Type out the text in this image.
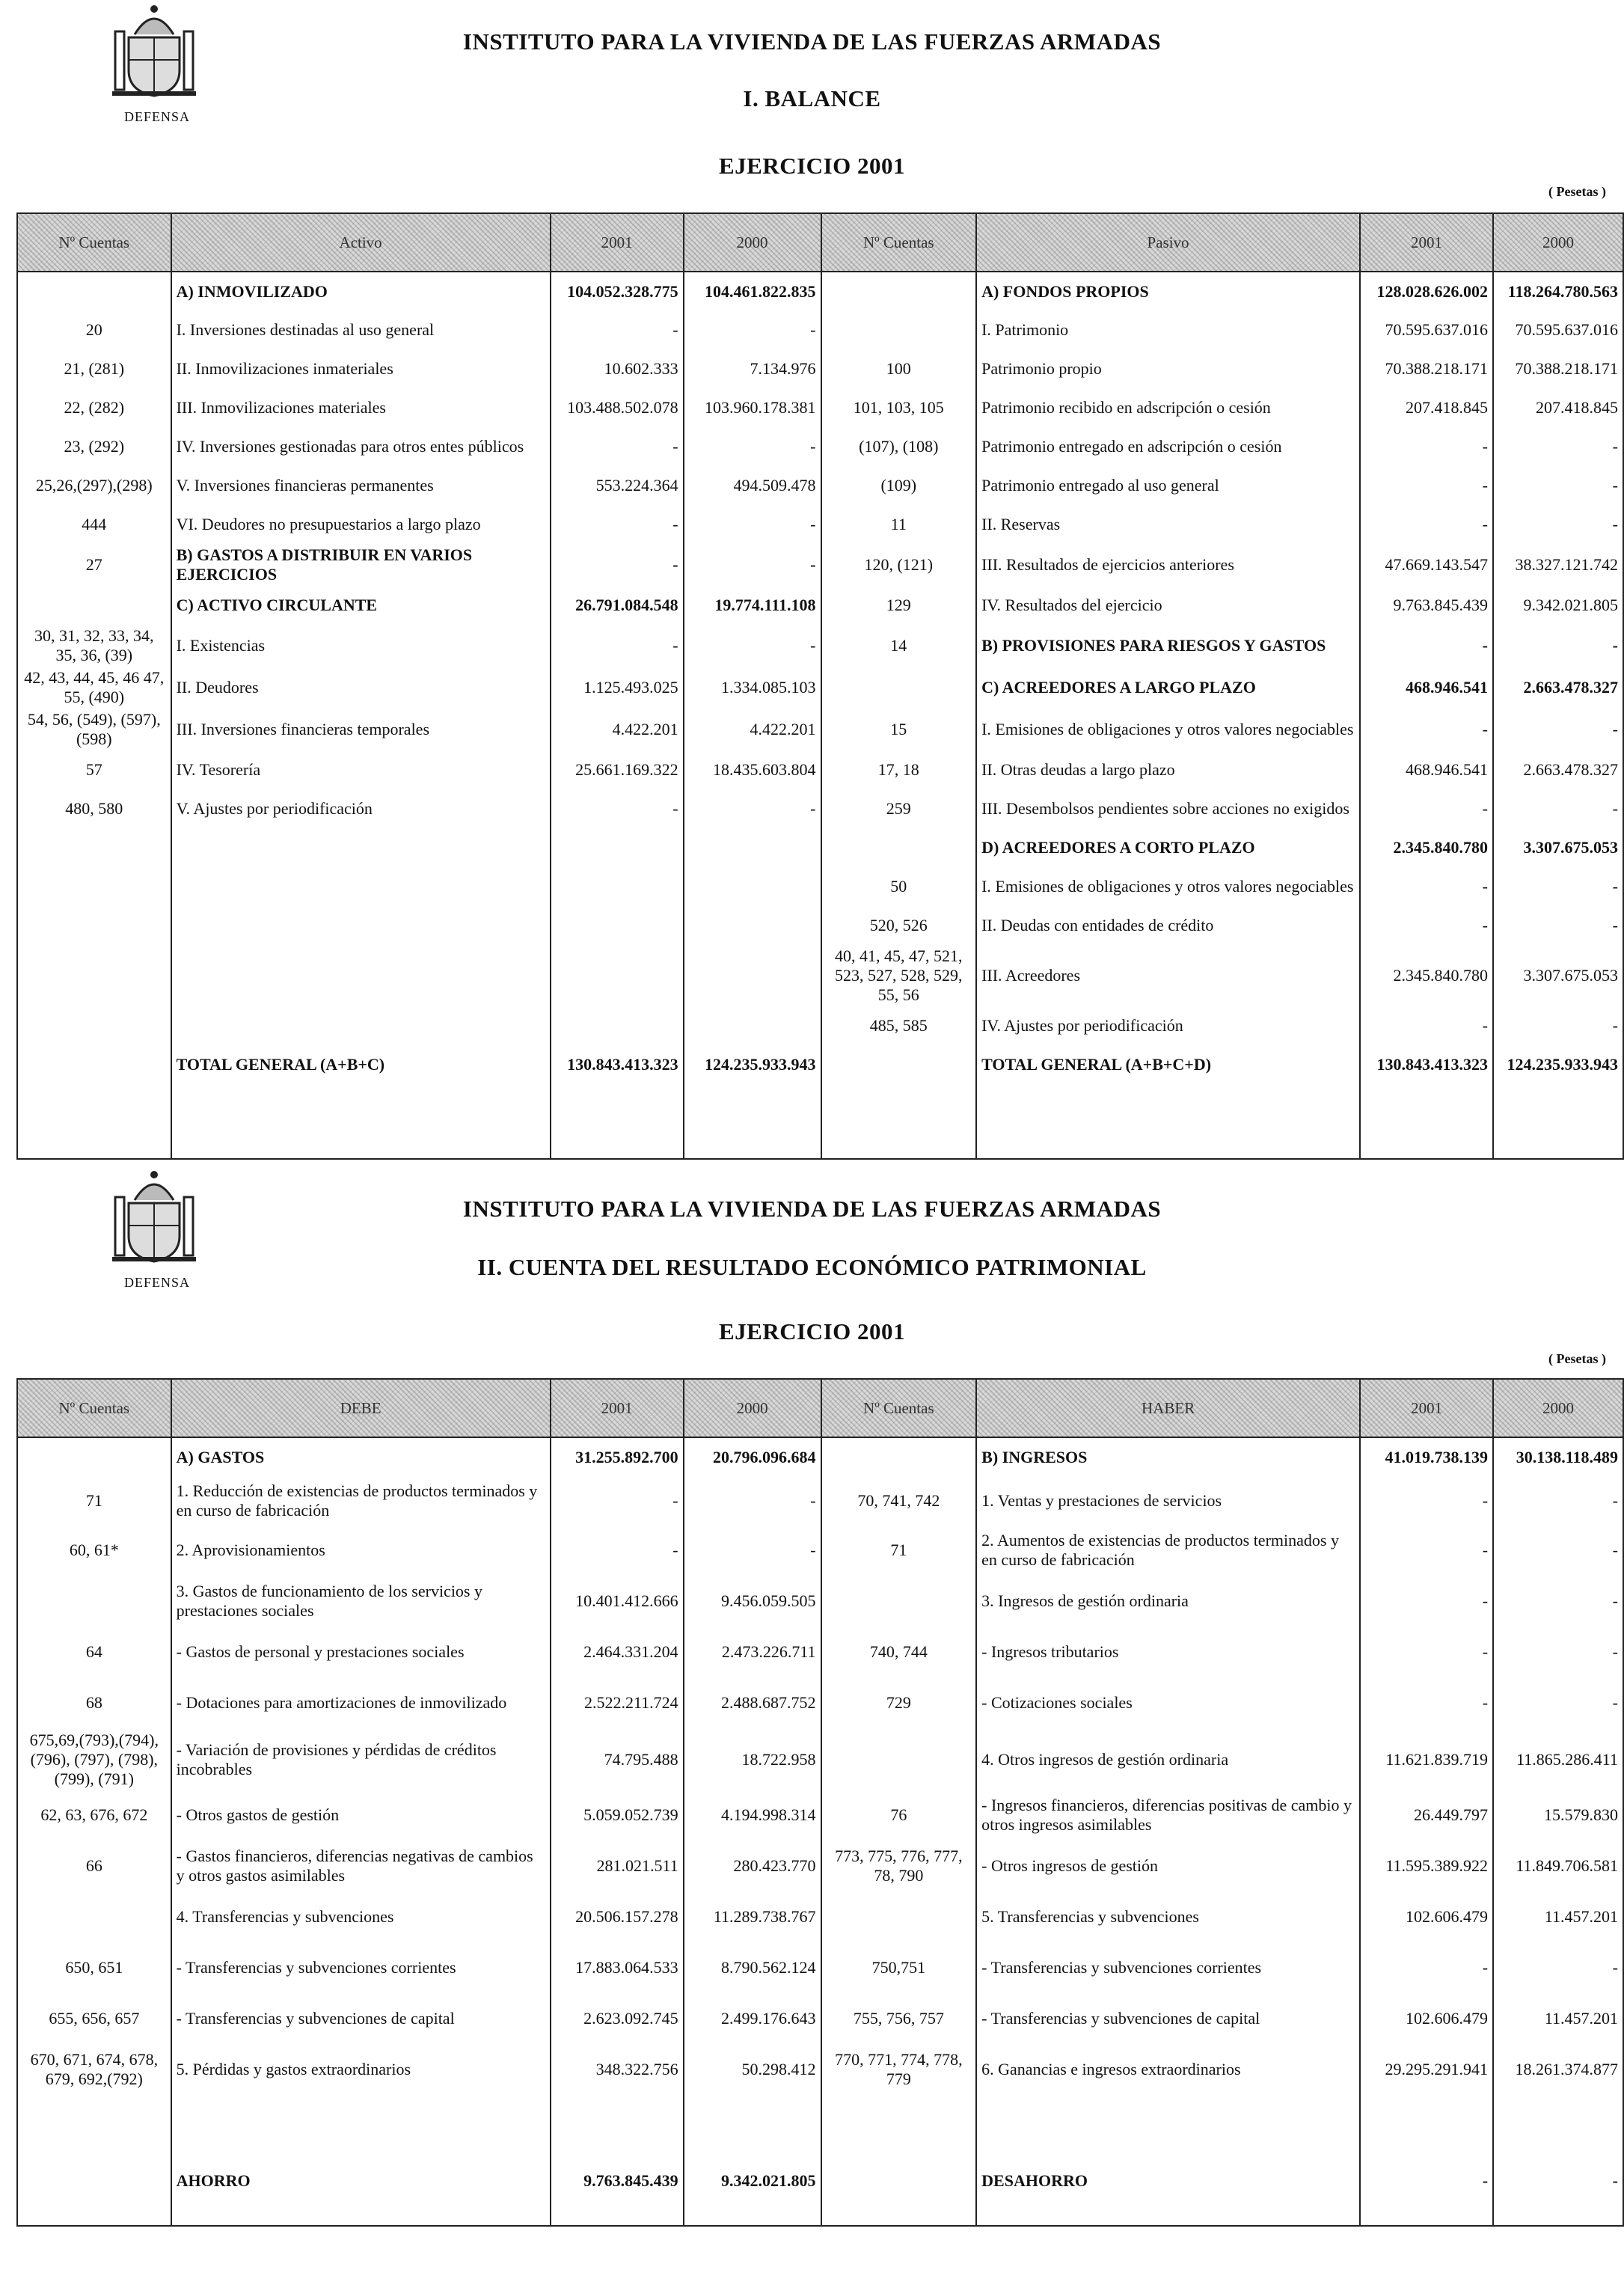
DEFENSA
INSTITUTO PARA LA VIVIENDA DE LAS FUERZAS ARMADAS
I. BALANCE
EJERCICIO 2001
( Pesetas )
Nº Cuentas	Activo	2001	2000	Nº Cuentas	Pasivo	2001	2000
	A) INMOVILIZADO	104.052.328.775	104.461.822.835		A) FONDOS PROPIOS	128.028.626.002	118.264.780.563
20	I. Inversiones destinadas al uso general	-	-		I. Patrimonio	70.595.637.016	70.595.637.016
21, (281)	II. Inmovilizaciones inmateriales	10.602.333	7.134.976	100	Patrimonio propio	70.388.218.171	70.388.218.171
22, (282)	III. Inmovilizaciones materiales	103.488.502.078	103.960.178.381	101, 103, 105	Patrimonio recibido en adscripción o cesión	207.418.845	207.418.845
23, (292)	IV. Inversiones gestionadas para otros entes públicos	-	-	(107), (108)	Patrimonio entregado en adscripción o cesión	-	-
25,26,(297),(298)	V. Inversiones financieras permanentes	553.224.364	494.509.478	(109)	Patrimonio entregado al uso general	-	-
444	VI. Deudores no presupuestarios a largo plazo	-	-	11	II. Reservas	-	-
27	B) GASTOS A DISTRIBUIR EN VARIOS EJERCICIOS	-	-	120, (121)	III. Resultados de ejercicios anteriores	47.669.143.547	38.327.121.742
	C) ACTIVO CIRCULANTE	26.791.084.548	19.774.111.108	129	IV. Resultados del ejercicio	9.763.845.439	9.342.021.805
30, 31, 32, 33, 34, 35, 36, (39)	I. Existencias	-	-	14	B) PROVISIONES PARA RIESGOS Y GASTOS	-	-
42, 43, 44, 45, 46 47, 55, (490)	II. Deudores	1.125.493.025	1.334.085.103		C) ACREEDORES A LARGO PLAZO	468.946.541	2.663.478.327
54, 56, (549), (597), (598)	III. Inversiones financieras temporales	4.422.201	4.422.201	15	I. Emisiones de obligaciones y otros valores negociables	-	-
57	IV. Tesorería	25.661.169.322	18.435.603.804	17, 18	II. Otras deudas a largo plazo	468.946.541	2.663.478.327
480, 580	V. Ajustes por periodificación	-	-	259	III. Desembolsos pendientes sobre acciones no exigidos	-	-
					D) ACREEDORES A CORTO PLAZO	2.345.840.780	3.307.675.053
				50	I. Emisiones de obligaciones y otros valores negociables	-	-
				520, 526	II. Deudas con entidades de crédito	-	-
				40, 41, 45, 47, 521, 523, 527, 528, 529, 55, 56	III. Acreedores	2.345.840.780	3.307.675.053
				485, 585	IV. Ajustes por periodificación	-	-
	TOTAL GENERAL (A+B+C)	130.843.413.323	124.235.933.943		TOTAL GENERAL (A+B+C+D)	130.843.413.323	124.235.933.943

DEFENSA
INSTITUTO PARA LA VIVIENDA DE LAS FUERZAS ARMADAS
II. CUENTA DEL RESULTADO ECONÓMICO PATRIMONIAL
EJERCICIO 2001
( Pesetas )
Nº Cuentas	DEBE	2001	2000	Nº Cuentas	HABER	2001	2000
	A) GASTOS	31.255.892.700	20.796.096.684		B) INGRESOS	41.019.738.139	30.138.118.489
71	1. Reducción de existencias de productos terminados y en curso de fabricación	-	-	70, 741, 742	1. Ventas y prestaciones de servicios	-	-
60, 61*	2. Aprovisionamientos	-	-	71	2. Aumentos de existencias de productos terminados y en curso de fabricación	-	-
	3. Gastos de funcionamiento de los servicios y prestaciones sociales	10.401.412.666	9.456.059.505		3. Ingresos de gestión ordinaria	-	-
64	- Gastos de personal y prestaciones sociales	2.464.331.204	2.473.226.711	740, 744	- Ingresos tributarios	-	-
68	- Dotaciones para amortizaciones de inmovilizado	2.522.211.724	2.488.687.752	729	- Cotizaciones sociales	-	-
675,69,(793),(794), (796), (797), (798), (799), (791)	- Variación de provisiones y pérdidas de créditos incobrables	74.795.488	18.722.958		4. Otros ingresos de gestión ordinaria	11.621.839.719	11.865.286.411
62, 63, 676, 672	- Otros gastos de gestión	5.059.052.739	4.194.998.314	76	- Ingresos financieros, diferencias positivas de cambio y otros ingresos asimilables	26.449.797	15.579.830
66	- Gastos financieros, diferencias negativas de cambios y otros gastos asimilables	281.021.511	280.423.770	773, 775, 776, 777, 78, 790	- Otros ingresos de gestión	11.595.389.922	11.849.706.581
	4. Transferencias y subvenciones	20.506.157.278	11.289.738.767		5. Transferencias y subvenciones	102.606.479	11.457.201
650, 651	- Transferencias y subvenciones corrientes	17.883.064.533	8.790.562.124	750,751	- Transferencias y subvenciones corrientes	-	-
655, 656, 657	- Transferencias y subvenciones de capital	2.623.092.745	2.499.176.643	755, 756, 757	- Transferencias y subvenciones de capital	102.606.479	11.457.201
670, 671, 674, 678, 679, 692,(792)	5. Pérdidas y gastos extraordinarios	348.322.756	50.298.412	770, 771, 774, 778, 779	6. Ganancias e ingresos extraordinarios	29.295.291.941	18.261.374.877

	AHORRO	9.763.845.439	9.342.021.805		DESAHORRO	-	-
